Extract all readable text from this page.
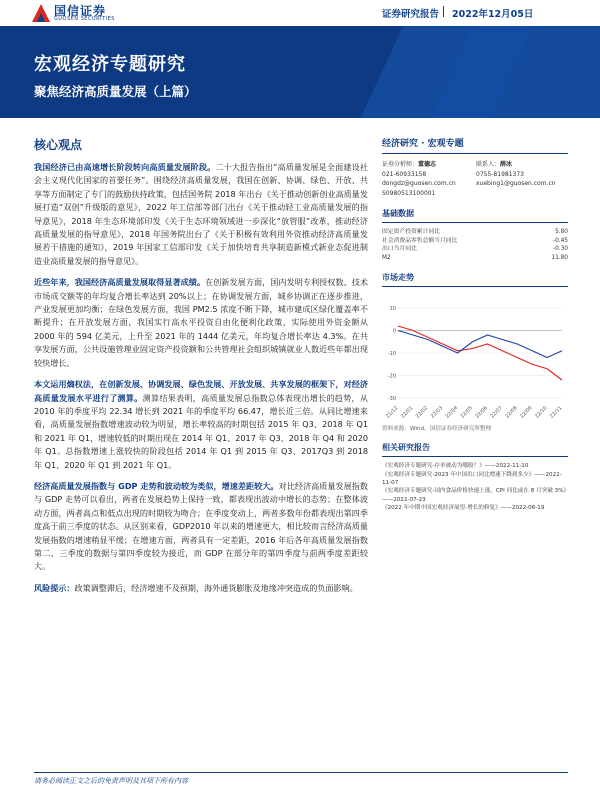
国信证券
GUOSEN SECURITIES	证券研究报告 2022年12月05日
宏观经济专题研究
聚焦经济高质量发展（上篇）
核心观点

我国经济已由高速增长阶段转向高质量发展阶段。二十大报告指出“高质量发展是全面建设社会主义现代化国家的首要任务”。围绕经济高质量发展，我国在创新、协调、绿色、开放、共享等方面制定了专门的鼓励扶持政策，包括国务院 2018 年出台《关于推动创新创业高质量发展打造“双创”升级版的意见》，2022 年工信部等部门出台《关于推动轻工业高质量发展的指导意见》，2018 年生态环境部印发《关于生态环境领域进一步深化“放管服”改革，推动经济高质量发展的指导意见》，2018 年国务院出台了《关于积极有效利用外资推动经济高质量发展若干措施的通知》，2019 年国家工信部印发《关于加快培育共享制造新模式新业态促进制造业高质量发展的指导意见》。

近些年来，我国经济高质量发展取得显著成绩。在创新发展方面，国内发明专利授权数、技术市场成交额等的年均复合增长率达到 20%以上；在协调发展方面，城乡协调正在逐步推进，产业发展更加均衡；在绿色发展方面，我国 PM2.5 浓度不断下降，城市建成区绿化覆盖率不断提升；在开放发展方面，我国实行高水平投资自由化便利化政策，实际使用外资金额从 2000 年的 594 亿美元，上升至 2021 年的 1444 亿美元，年均复合增长率达 4.3%。在共享发展方面，公共设施管理业固定资产投资额和公共管理社会组织城镇就业人数近些年都出现较快增长。

本文运用熵权法，在创新发展、协调发展、绿色发展、开放发展、共享发展的框架下，对经济高质量发展水平进行了测算。测算结果表明，高质量发展总指数总体表现出增长的趋势，从 2010 年的季度平均 22.34 增长到 2021 年的季度平均 66.47，增长近三倍。从同比增速来看，高质量发展指数增速波动较为明显，增长率较高的时期包括 2015 年 Q3、2018 年 Q1 和 2021 年 Q1，增速较低的时期出现在 2014 年 Q1、2017 年 Q3、2018 年 Q4 和 2020 年 Q1。总指数增速上涨较快的阶段包括 2014 年 Q1 到 2015 年 Q3、2017Q3 到 2018 年 Q1、2020 年 Q1 到 2021 年 Q1。

经济高质量发展指数与 GDP 走势和波动较为类似，增速差距较大。对比经济高质量发展指数与 GDP 走势可以看出，两者在发展趋势上保持一致，都表现出波动中增长的态势；在整体波动方面，两者高点和低点出现的时期较为吻合；在季度变动上，两者多数年份都表现出第四季度高于前三季度的状态。从区别来看，GDP2010 年以来的增速更大，相比较而言经济高质量发展指数的增速稍显平缓；在增速方面，两者具有一定差距，2016 年后各年高质量发展指数第二、三季度的数据与第四季度较为接近，而 GDP 在部分年的第四季度与前两季度差距较大。

风险提示：政策调整滞后，经济增速不及预期，海外通货膨胀及地缘冲突造成的负面影响。

经济研究 · 宏观专题
证券分析师：董德志
021-60933158
dongdz@guosen.com.cn
S0980513100001
联系人：薛冰
0755-81981373
xuebing1@guosen.com.cn
基础数据
固定资产投资累计同比	5.80
社会消费品零售总额当月同比	-0.45
出口当月同比	-0.30
M2	11.80
市场走势
-30
-20
-10
0
10
21/12 22/01 22/02 22/03 22/04 22/05 22/06 22/07 22/08 22/09 22/10 22/11
资料来源：Wind、国信证券经济研究所整理
相关研究报告
《宏观经济专题研究-存单被动为哪般？》——2022-11-10
《宏观经济专题研究-2023 年中国出口同比增速下降到多少》——2022-11-07
《宏观经济专题研究-国内食品价格快速上涨，CPI 同比或在 8 月突破 3%》——2022-07-23
《2022 年中期中国宏观经济展望-增长的修复》——2022-06-19
请务必阅读正文之后的免责声明及其项下所有内容
